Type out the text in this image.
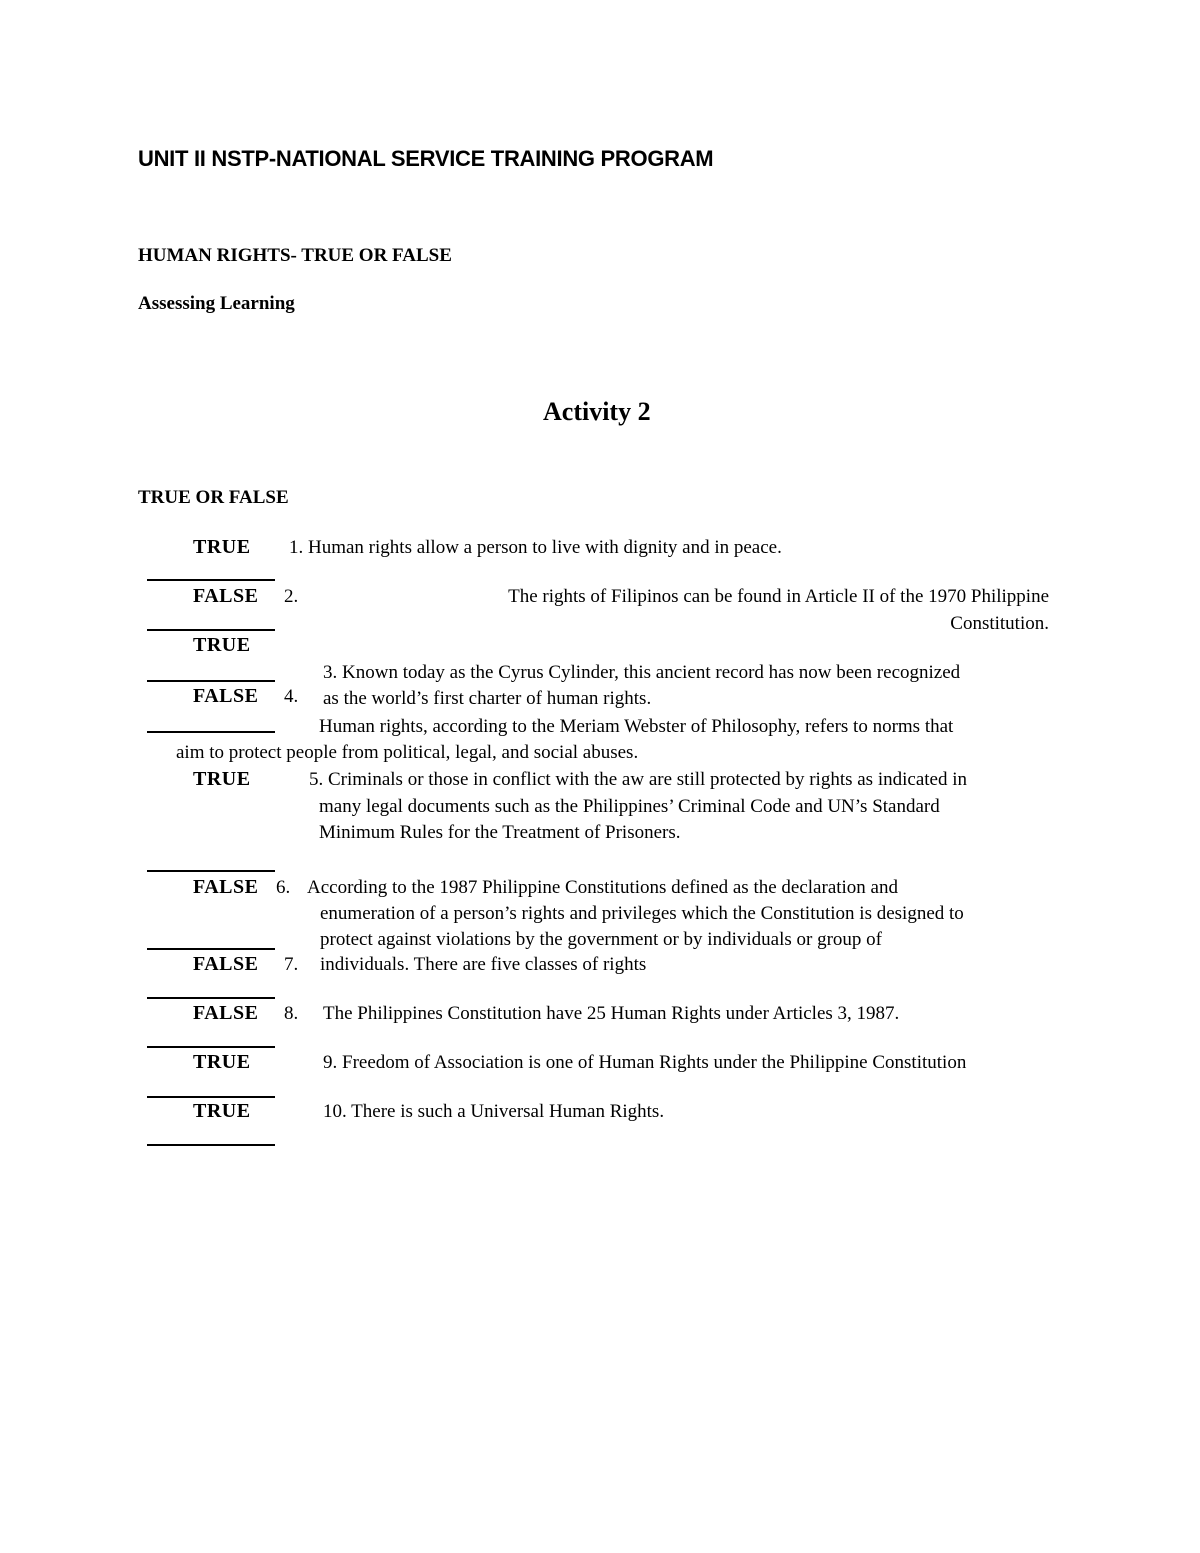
UNIT II NSTP-NATIONAL SERVICE TRAINING PROGRAM
HUMAN RIGHTS- TRUE OR FALSE
Assessing Learning
Activity 2
TRUE OR FALSE
TRUE
FALSE
TRUE
FALSE
TRUE
FALSE
FALSE
FALSE
TRUE
TRUE
2.
4.
6.
7.
8.
1. Human rights allow a person to live with dignity and in peace.
The rights of Filipinos can be found in Article II of the 1970 Philippine
Constitution.
3. Known today as the Cyrus Cylinder, this ancient record has now been recognized
as the world’s first charter of human rights.
Human rights, according to the Meriam Webster of Philosophy, refers to norms that
aim to protect people from political, legal, and social abuses.
5. Criminals or those in conflict with the aw are still protected by rights as indicated in
many legal documents such as the Philippines’ Criminal Code and UN’s Standard
Minimum Rules for the Treatment of Prisoners.
According to the 1987 Philippine Constitutions defined as the declaration and
enumeration of a person’s rights and privileges which the Constitution is designed to
protect against violations by the government or by individuals or group of
individuals. There are five classes of rights
The Philippines Constitution have 25 Human Rights under Articles 3, 1987.
9. Freedom of Association is one of Human Rights under the Philippine Constitution
10. There is such a Universal Human Rights.
